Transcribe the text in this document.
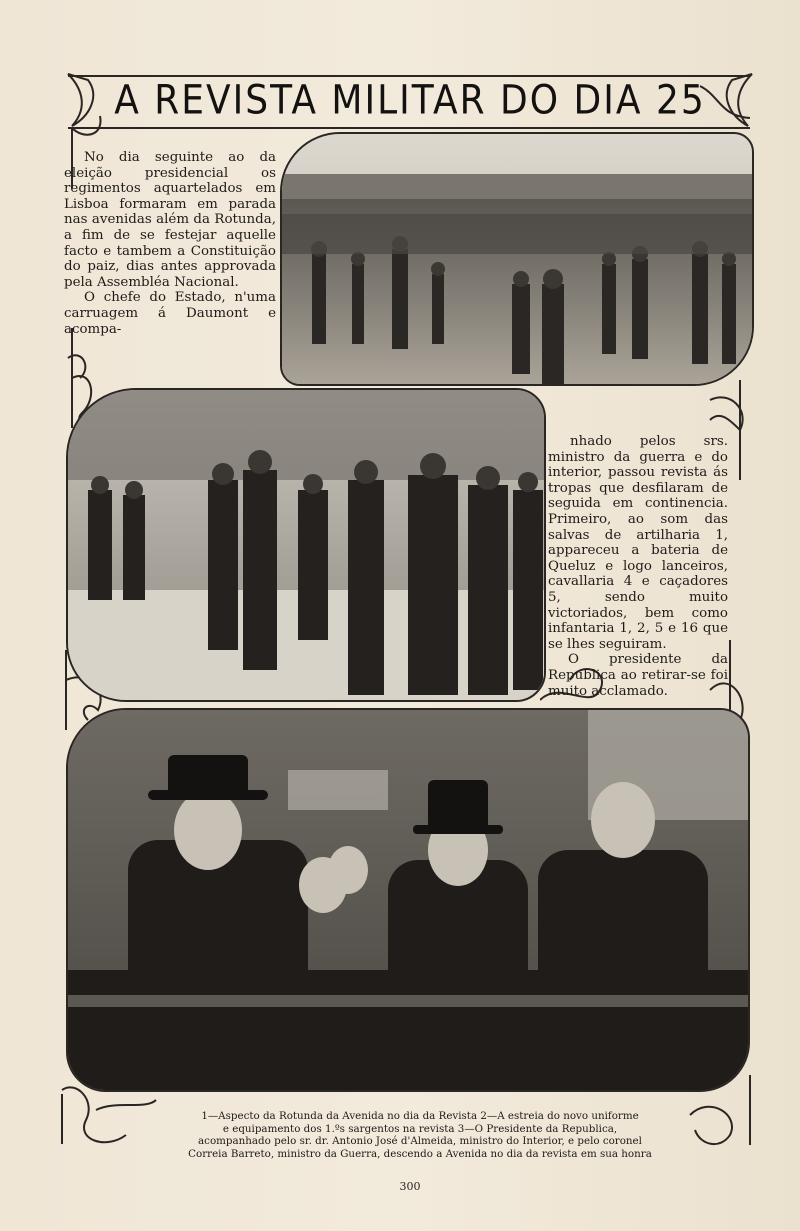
A REVISTA MILITAR DO DIA 25

No dia seguinte ao da eleição presidencial os regimentos aquartelados em Lisboa formaram em parada nas avenidas além da Rotunda, a fim de se festejar aquelle facto e tambem a Constituição do paiz, dias antes approvada pela Assembléa Nacional.

O chefe do Estado, n'uma carruagem á Daumont e acompa-

nhado pelos srs. ministro da guerra e do interior, passou revista ás tropas que desfilaram de seguida em continencia. Primeiro, ao som das salvas de artilharia 1, appareceu a bateria de Queluz e logo lanceiros, cavallaria 4 e caçadores 5, sendo muito victoriados, bem como infantaria 1, 2, 5 e 16 que se lhes seguiram.

O presidente da Republica ao retirar-se foi muito acclamado.

1—Aspecto da Rotunda da Avenida no dia da Revista 2—A estreia do novo uniforme
e equipamento dos 1.ºs sargentos na revista 3—O Presidente da Republica,
acompanhado pelo sr. dr. Antonio José d'Almeida, ministro do Interior, e pelo coronel
Correia Barreto, ministro da Guerra, descendo a Avenida no dia da revista em sua honra
300
